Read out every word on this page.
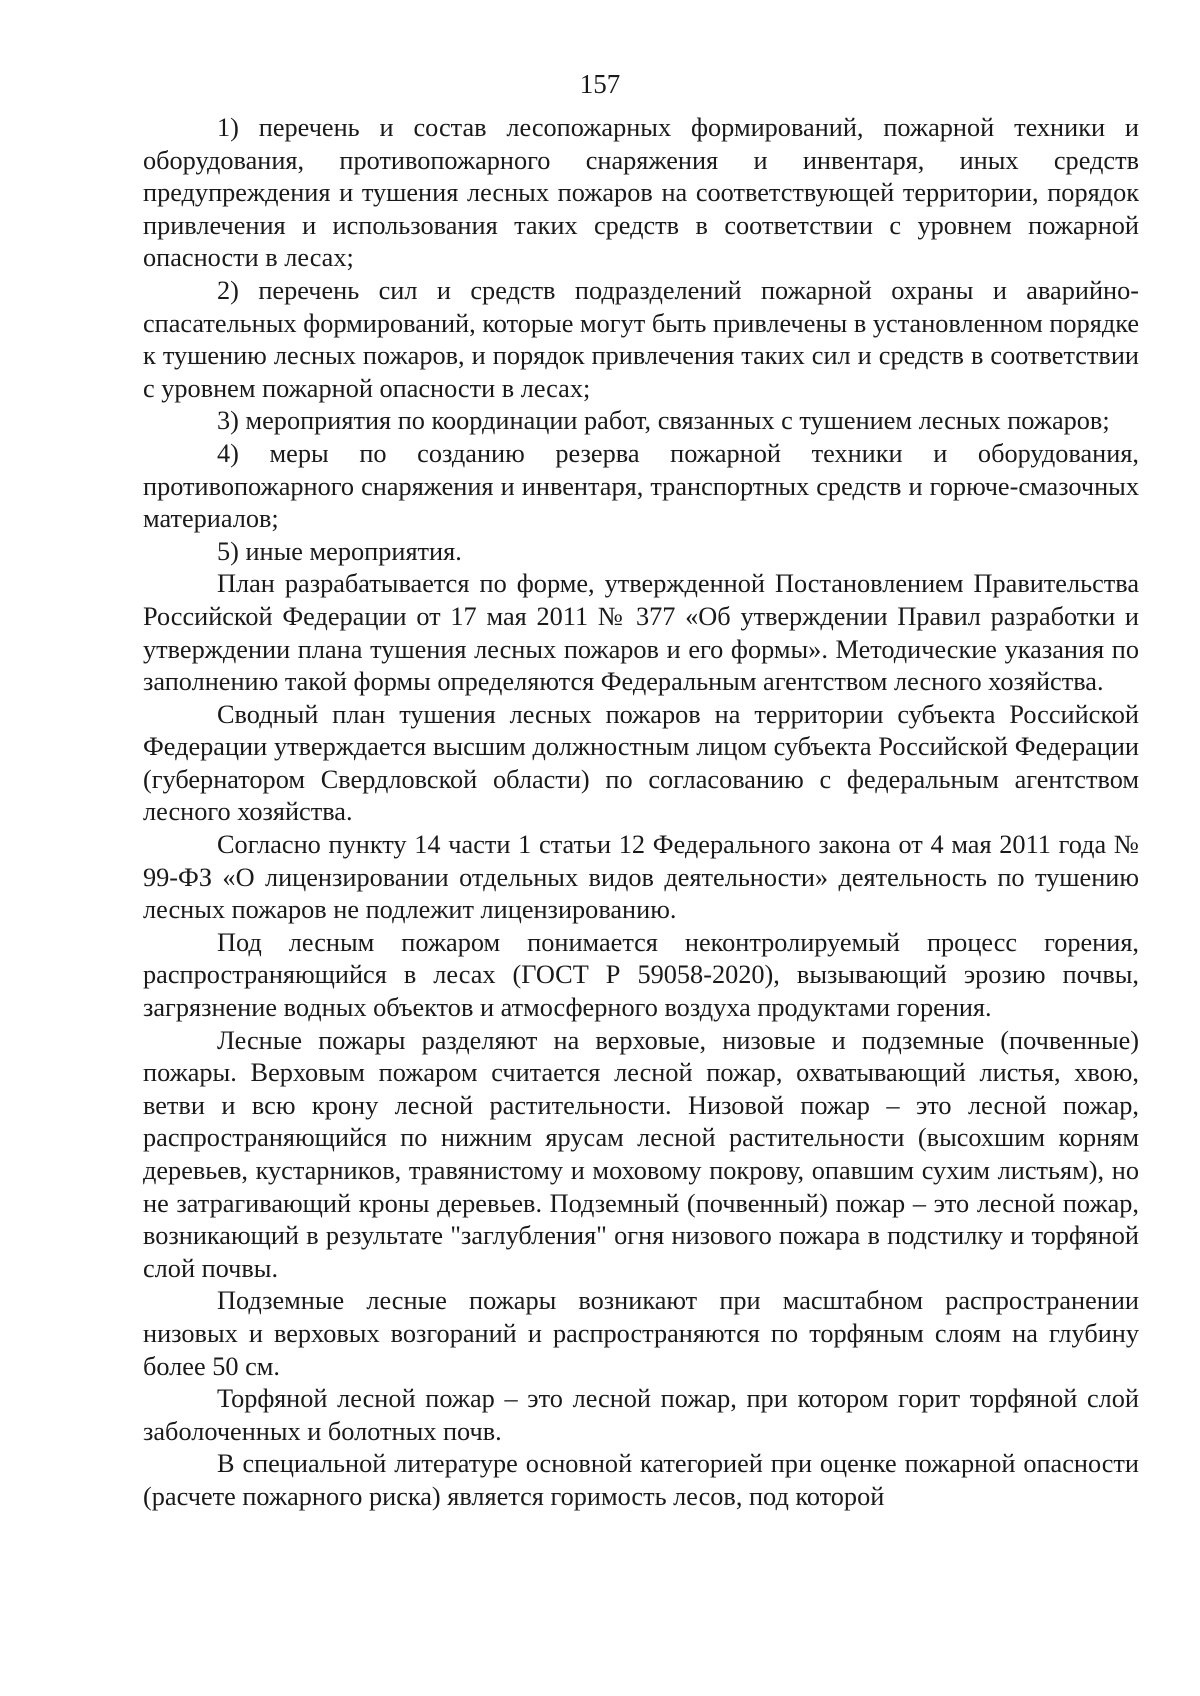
157

1) перечень и состав лесопожарных формирований, пожарной техники и оборудования, противопожарного снаряжения и инвентаря, иных средств предупреждения и тушения лесных пожаров на соответствующей территории, порядок привлечения и использования таких средств в соответствии с уровнем пожарной опасности в лесах;

2) перечень сил и средств подразделений пожарной охраны и аварийно-спасательных формирований, которые могут быть привлечены в установленном порядке к тушению лесных пожаров, и порядок привлечения таких сил и средств в соответствии с уровнем пожарной опасности в лесах;

3) мероприятия по координации работ, связанных с тушением лесных пожаров;

4) меры по созданию резерва пожарной техники и оборудования, противопожарного снаряжения и инвентаря, транспортных средств и горюче-смазочных материалов;

5) иные мероприятия.

План разрабатывается по форме, утвержденной Постановлением Правительства Российской Федерации от 17 мая 2011 № 377 «Об утверждении Правил разработки и утверждении плана тушения лесных пожаров и его формы». Методические указания по заполнению такой формы определяются Федеральным агентством лесного хозяйства.

Сводный план тушения лесных пожаров на территории субъекта Российской Федерации утверждается высшим должностным лицом субъекта Российской Федерации (губернатором Свердловской области) по согласованию с федеральным агентством лесного хозяйства.

Согласно пункту 14 части 1 статьи 12 Федерального закона от 4 мая 2011 года № 99-ФЗ «О лицензировании отдельных видов деятельности» деятельность по тушению лесных пожаров не подлежит лицензированию.

Под лесным пожаром понимается неконтролируемый процесс горения, распространяющийся в лесах (ГОСТ Р 59058-2020), вызывающий эрозию почвы, загрязнение водных объектов и атмосферного воздуха продуктами горения.

Лесные пожары разделяют на верховые, низовые и подземные (почвенные) пожары. Верховым пожаром считается лесной пожар, охватывающий листья, хвою, ветви и всю крону лесной растительности. Низовой пожар – это лесной пожар, распространяющийся по нижним ярусам лесной растительности (высохшим корням деревьев, кустарников, травянистому и моховому покрову, опавшим сухим листьям), но не затрагивающий кроны деревьев. Подземный (почвенный) пожар – это лесной пожар, возникающий в результате "заглубления" огня низового пожара в подстилку и торфяной слой почвы.

Подземные лесные пожары возникают при масштабном распространении низовых и верховых возгораний и распространяются по торфяным слоям на глубину более 50 см.

Торфяной лесной пожар – это лесной пожар, при котором горит торфяной слой заболоченных и болотных почв.

В специальной литературе основной категорией при оценке пожарной опасности (расчете пожарного риска) является горимость лесов, под которой
